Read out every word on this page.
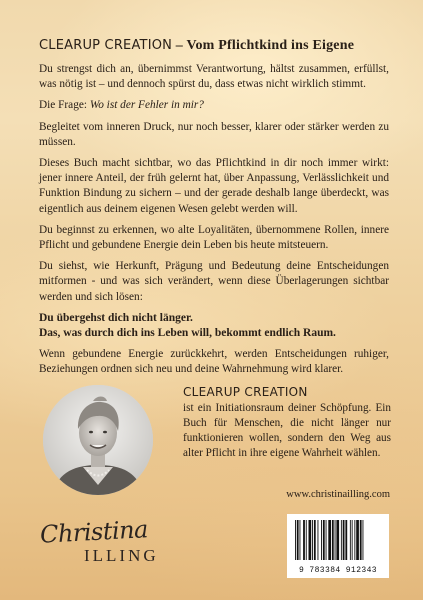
CLEARUP CREATION – Vom Pflichtkind ins Eigene

Du strengst dich an, übernimmst Verantwortung, hältst zusammen, erfüllst, was nötig ist – und dennoch spürst du, dass etwas nicht wirklich stimmt.

Die Frage: Wo ist der Fehler in mir?

Begleitet vom inneren Druck, nur noch besser, klarer oder stärker werden zu müssen.

Dieses Buch macht sichtbar, wo das Pflichtkind in dir noch immer wirkt: jener innere Anteil, der früh gelernt hat, über Anpassung, Verlässlichkeit und Funktion Bindung zu sichern – und der gerade deshalb lange überdeckt, was eigentlich aus deinem eigenen Wesen gelebt werden will.

Du beginnst zu erkennen, wo alte Loyalitäten, übernommene Rollen, innere Pflicht und gebundene Energie dein Leben bis heute mitsteuern.

Du siehst, wie Herkunft, Prägung und Bedeutung deine Entscheidungen mitformen - und was sich verändert, wenn diese Überlagerungen sichtbar werden und sich lösen:

Du übergehst dich nicht länger.
Das, was durch dich ins Leben will, bekommt endlich Raum.

Wenn gebundene Energie zurückkehrt, werden Entscheidungen ruhiger, Beziehungen ordnen sich neu und deine Wahrnehmung wird klarer.

CLEARUP CREATION

ist ein Initiationsraum deiner Schöpfung. Ein Buch für Menschen, die nicht länger nur funktionieren wollen, sondern den Weg aus alter Pflicht in ihre eigene Wahrheit wählen.

www.christinailling.com
Christina
ILLING
9 783384 912343
